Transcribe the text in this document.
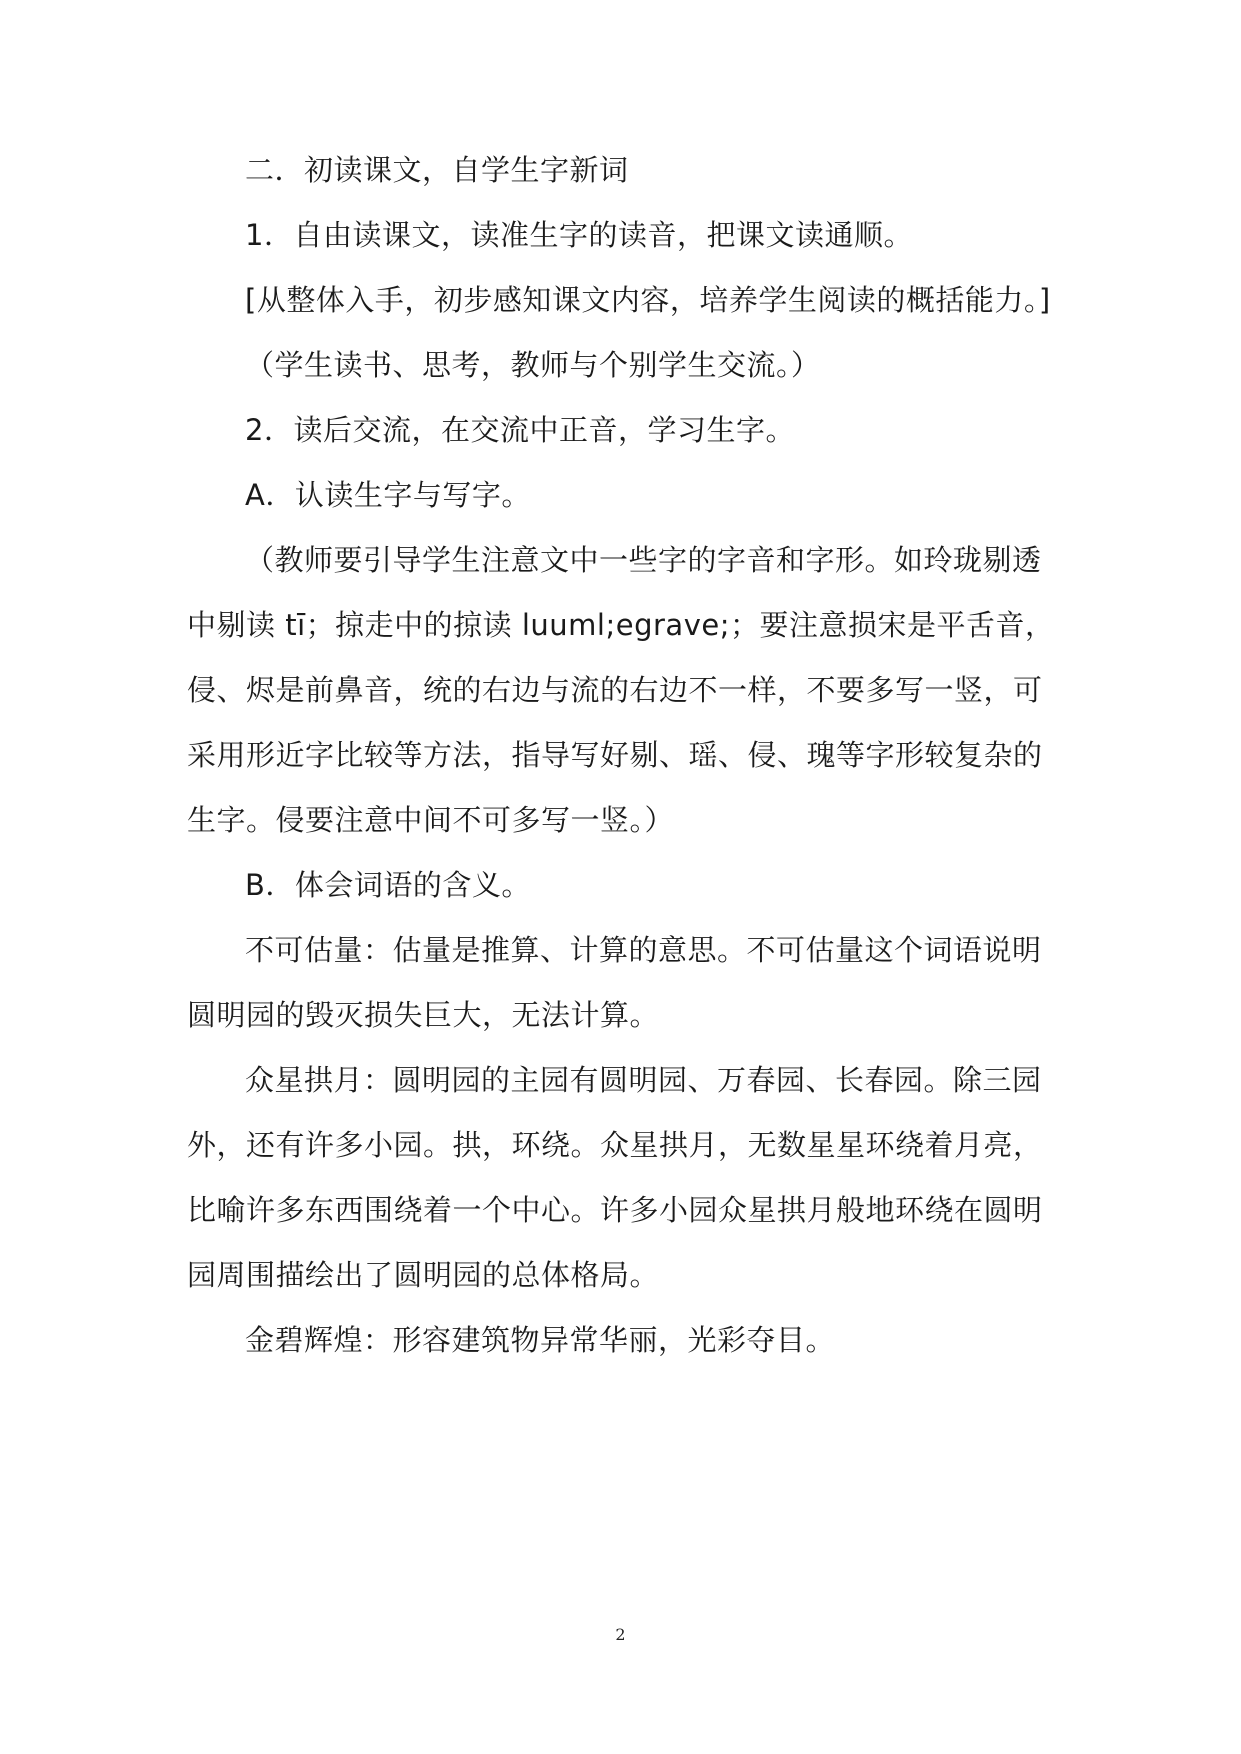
二．初读课文，自学生字新词

1．自由读课文，读准生字的读音，把课文读通顺。

[从整体入手，初步感知课文内容，培养学生阅读的概括能力。]

（学生读书、思考，教师与个别学生交流。）

2．读后交流，在交流中正音，学习生字。

A．认读生字与写字。

（教师要引导学生注意文中一些字的字音和字形。如玲珑剔透中剔读 tī；掠走中的掠读 luuml;egrave;；要注意损宋是平舌音，侵、烬是前鼻音，统的右边与流的右边不一样，不要多写一竖，可采用形近字比较等方法，指导写好剔、瑶、侵、瑰等字形较复杂的生字。侵要注意中间不可多写一竖。）

B．体会词语的含义。

不可估量：估量是推算、计算的意思。不可估量这个词语说明圆明园的毁灭损失巨大，无法计算。

众星拱月：圆明园的主园有圆明园、万春园、长春园。除三园外，还有许多小园。拱，环绕。众星拱月，无数星星环绕着月亮，比喻许多东西围绕着一个中心。许多小园众星拱月般地环绕在圆明园周围描绘出了圆明园的总体格局。

金碧辉煌：形容建筑物异常华丽，光彩夺目。

2
